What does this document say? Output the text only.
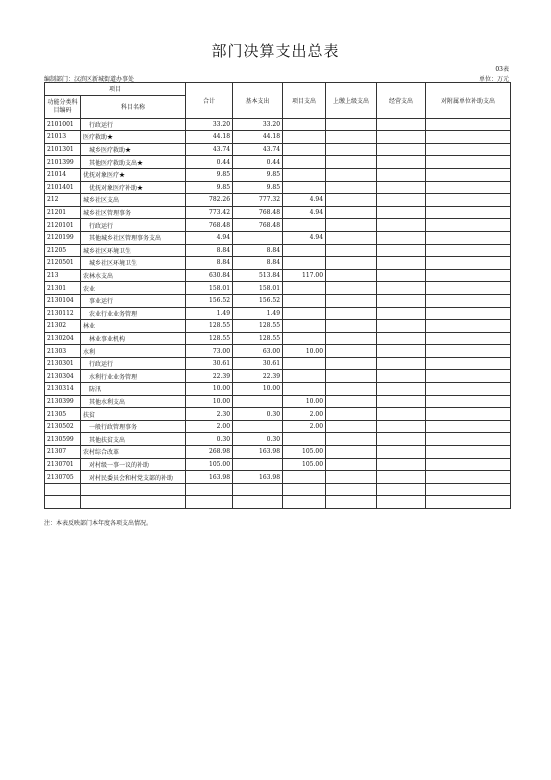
部门决算支出总表
03表
编制部门：汉滨区新城街道办事处	单位：万元
项目		合计	基本支出	项目支出	上缴上级支出	经营支出	对附属单位补助支出
功能分类科目编码	科目名称						
2101001	　行政运行	33.20	33.20				
21013	医疗救助★	44.18	44.18				
2101301	　城乡医疗救助★	43.74	43.74				
2101399	　其他医疗救助支出★	0.44	0.44				
21014	优抚对象医疗★	9.85	9.85				
2101401	　优抚对象医疗补助★	9.85	9.85				
212	城乡社区支出	782.26	777.32	4.94			
21201	城乡社区管理事务	773.42	768.48	4.94			
2120101	　行政运行	768.48	768.48				
2120199	　其他城乡社区管理事务支出	4.94		4.94			
21205	城乡社区环境卫生	8.84	8.84				
2120501	　城乡社区环境卫生	8.84	8.84				
213	农林水支出	630.84	513.84	117.00			
21301	农业	158.01	158.01				
2130104	　事业运行	156.52	156.52				
2130112	　农业行业业务管理	1.49	1.49				
21302	林业	128.55	128.55				
2130204	　林业事业机构	128.55	128.55				
21303	水利	73.00	63.00	10.00			
2130301	　行政运行	30.61	30.61				
2130304	　水利行业业务管理	22.39	22.39				
2130314	　防汛	10.00	10.00				
2130399	　其他水利支出	10.00		10.00			
21305	扶贫	2.30	0.30	2.00			
2130502	　一般行政管理事务	2.00		2.00			
2130599	　其他扶贫支出	0.30	0.30				
21307	农村综合改革	268.98	163.98	105.00			
2130701	　对村级一事一议的补助	105.00		105.00			
2130705	　对村民委员会和村党支部的补助	163.98	163.98				

注：本表反映部门本年度各项支出情况。
